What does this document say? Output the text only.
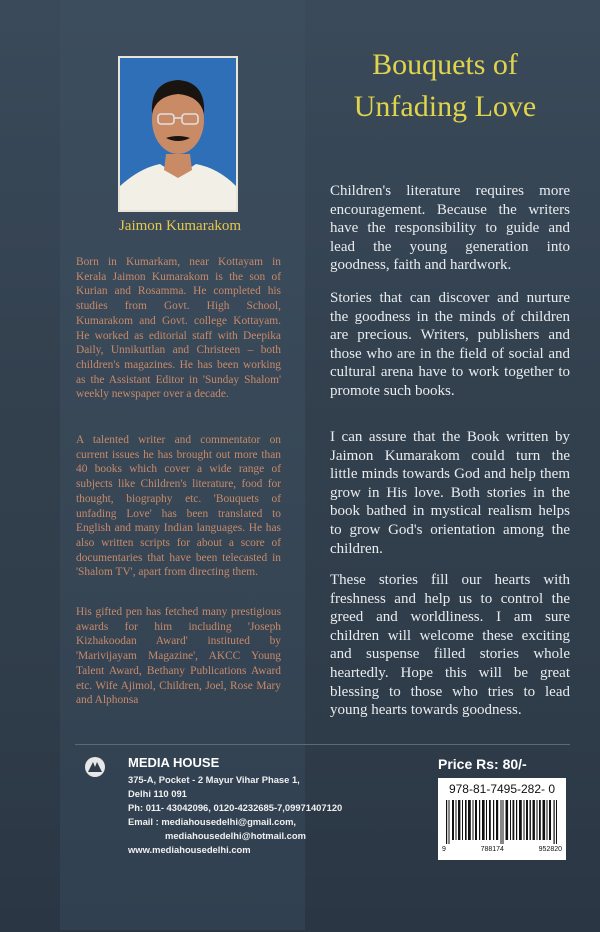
Jaimon Kumarakom

Born in Kumarkam, near Kottayam in Kerala Jaimon Kumarakom is the son of Kurian and Rosamma. He completed his studies from Govt. High School, Kumarakom and Govt. college Kottayam. He worked as editorial staff with Deepika Daily, Unnikuttlan and Christeen – both children's magazines. He has been working as the Assistant Editor in 'Sunday Shalom' weekly newspaper over a decade.

A talented writer and commentator on current issues he has brought out more than 40 books which cover a wide range of subjects like Children's literature, food for thought, biography etc. 'Bouquets of unfading Love' has been translated to English and many Indian languages. He has also written scripts for about a score of documentaries that have been telecasted in 'Shalom TV', apart from directing them.

His gifted pen has fetched many prestigious awards for him including 'Joseph Kizhakoodan Award' instituted by 'Marivijayam Magazine', AKCC Young Talent Award, Bethany Publications Award etc. Wife Ajimol, Children, Joel, Rose Mary and Alphonsa

Bouquets of
Unfading Love

Children's literature requires more encouragement. Because the writers have the responsibility to guide and lead the young generation into goodness, faith and hardwork.

Stories that can discover and nurture the goodness in the minds of children are precious. Writers, publishers and those who are in the field of social and cultural arena have to work together to promote such books.

I can assure that the Book written by Jaimon Kumarakom could turn the little minds towards God and help them grow in His love. Both stories in the book bathed in mystical realism helps to grow God's orientation among the children.

These stories fill our hearts with freshness and help us to control the greed and worldliness. I am sure children will welcome these exciting and suspense filled stories whole heartedly. Hope this will be great blessing to those who tries to lead young hearts towards goodness.

MEDIA HOUSE
375-A, Pocket - 2 Mayur Vihar Phase 1,
Delhi 110 091
Ph: 011- 43042096, 0120-4232685-7,09971407120
Email : mediahousedelhi@gmail.com,
mediahousedelhi@hotmail.com
www.mediahousedelhi.com
Price Rs: 80/-
978-81-7495-282- 0
9	788174	952820
